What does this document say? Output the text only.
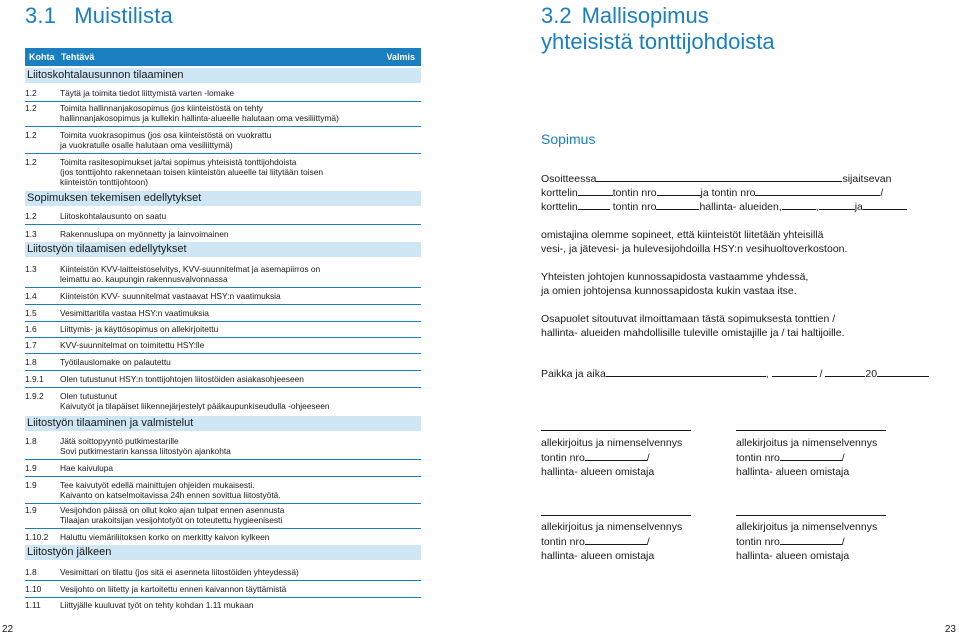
3.1 Muistilista
Kohta Tehtävä	Valmis
Liitoskohtalausunnon tilaaminen
1.2	Täytä ja toimita tiedot liittymistä varten -lomake
1.2	Toimita hallinnanjakosopimus (jos kiinteistöstä on tehty
hallinnanjakosopimus ja kullekin hallinta-alueelle halutaan oma vesiliittymä)
1.2	Toimita vuokrasopimus (jos osa kiinteistöstä on vuokrattu
ja vuokratulle osalle halutaan oma vesiliittymä)
1.2	Toimita rasitesopimukset ja/tai sopimus yhteisistä tonttijohdoista
(jos tonttijohto rakennetaan toisen kiinteistön alueelle tai liitytään toisen
kiinteistön tonttijohtoon)
Sopimuksen tekemisen edellytykset
1.2	Liitoskohtalausunto on saatu
1.3	Rakennuslupa on myönnetty ja lainvoimainen
Liitostyön tilaamisen edellytykset
1.3	Kiinteistön KVV-laitteistoselvitys, KVV-suunnitelmat ja asemapiirros on
leimattu ao. kaupungin rakennusvalvonnassa
1.4	Kiinteistön KVV- suunnitelmat vastaavat HSY:n vaatimuksia
1.5	Vesimittaritila vastaa HSY:n vaatimuksia
1.6	Liittymis- ja käyttösopimus on allekirjoitettu
1.7	KVV-suunnitelmat on toimitettu HSY:lle
1.8	Työtilauslomake on palautettu
1.9.1 Olen tutustunut HSY:n tonttijohtojen liitostöiden asiakasohjeeseen
1.9.2 Olen tutustunut
Kaivutyöt ja tilapäiset liikennejärjestelyt pääkaupunkiseudulla -ohjeeseen
Liitostyön tilaaminen ja valmistelut
1.8	Jätä soittopyyntö putkimestarille
Sovi putkimestarin kanssa liitostyön ajankohta
1.9	Hae kaivulupa
1.9	Tee kaivutyöt edellä mainittujen ohjeiden mukaisesti.
Kaivanto on katselmoitavissa 24h ennen sovittua liitostyötä.
1.9	Vesijohdon päissä on ollut koko ajan tulpat ennen asennusta
Tilaajan urakoitsijan vesijohtotyöt on toteutettu hygieenisesti
1.10.2 Haluttu viemäriliitoksen korko on merkitty kaivon kylkeen
Liitostyön jälkeen
1.8	Vesimittari on tilattu (jos sitä ei asenneta liitostöiden yhteydessä)
1.10 Vesijohto on liitetty ja kartoitettu ennen kaivannon täyttämistä
1.11 Liittyjälle kuuluvat työt on tehty kohdan 1.11 mukaan
22
3.2 Mallisopimus
yhteisistä tonttijohdoista
Sopimus
Osoitteessa	sijaitsevan
korttelin	tontin nro	ja tontin nro	/
korttelin	tontin nro	hallinta- alueiden,	,	ja
omistajina olemme sopineet, että kiinteistöt liitetään yhteisillä
vesi-, ja jätevesi- ja hulevesijohdoilla HSY:n vesihuoltoverkostoon.
Yhteisten johtojen kunnossapidosta vastaamme yhdessä,
ja omien johtojensa kunnossapidosta kukin vastaa itse.
Osapuolet sitoutuvat ilmoittamaan tästä sopimuksesta tonttien /
hallinta- alueiden mahdollisille tuleville omistajille ja / tai haltijoille.
Paikka ja aika	,	/	20
allekirjoitus ja nimenselvennys
tontin nro	/
hallinta- alueen omistaja
allekirjoitus ja nimenselvennys
tontin nro	/
hallinta- alueen omistaja
allekirjoitus ja nimenselvennys
tontin nro	/
hallinta- alueen omistaja
allekirjoitus ja nimenselvennys
tontin nro	/
hallinta- alueen omistaja
23
